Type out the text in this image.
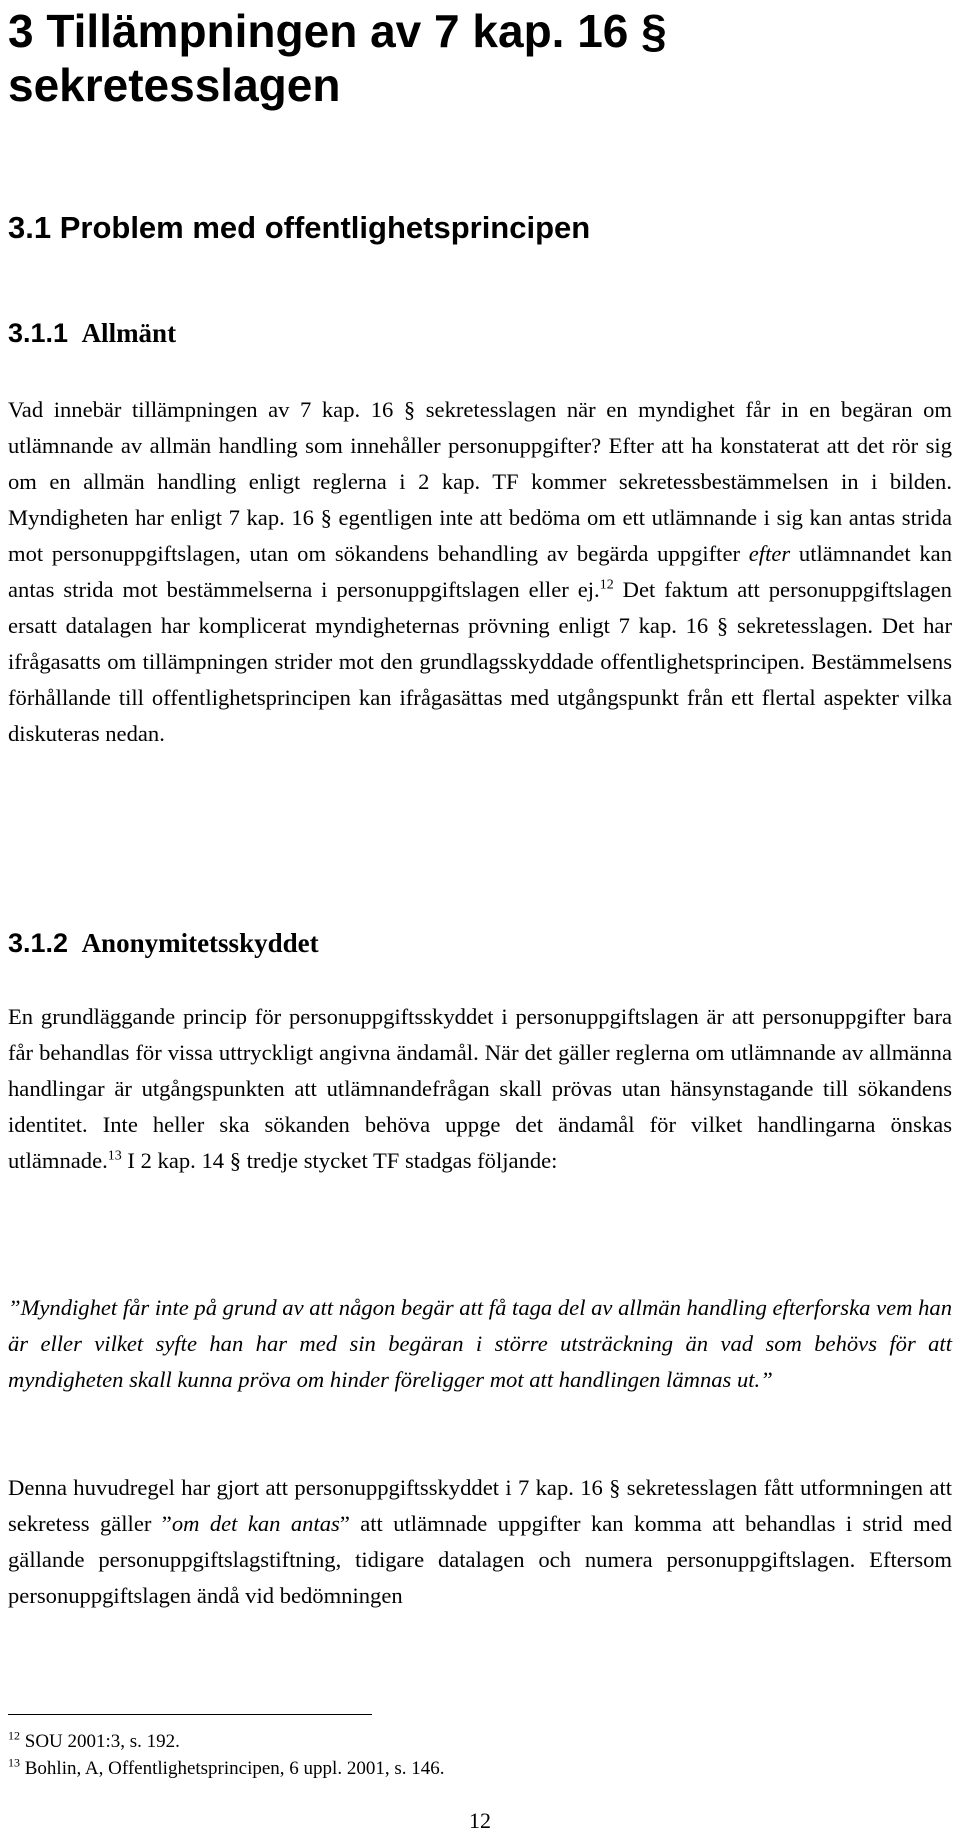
3 Tillämpningen av 7 kap. 16 § sekretesslagen
3.1 Problem med offentlighetsprincipen
3.1.1 Allmänt

Vad innebär tillämpningen av 7 kap. 16 § sekretesslagen när en myndighet får in en begäran om utlämnande av allmän handling som innehåller personuppgifter? Efter att ha konstaterat att det rör sig om en allmän handling enligt reglerna i 2 kap. TF kommer sekretessbestämmelsen in i bilden. Myndigheten har enligt 7 kap. 16 § egentligen inte att bedöma om ett utlämnande i sig kan antas strida mot personuppgiftslagen, utan om sökandens behandling av begärda uppgifter efter utlämnandet kan antas strida mot bestämmelserna i personuppgiftslagen eller ej.$^{12}$ Det faktum att personuppgiftslagen ersatt datalagen har komplicerat myndigheternas prövning enligt 7 kap. 16 § sekretesslagen. Det har ifrågasatts om tillämpningen strider mot den grundlagsskyddade offentlighetsprincipen. Bestämmelsens förhållande till offentlighetsprincipen kan ifrågasättas med utgångspunkt från ett flertal aspekter vilka diskuteras nedan.

3.1.2 Anonymitetsskyddet

En grundläggande princip för personuppgiftsskyddet i personuppgiftslagen är att personuppgifter bara får behandlas för vissa uttryckligt angivna ändamål. När det gäller reglerna om utlämnande av allmänna handlingar är utgångspunkten att utlämnandefrågan skall prövas utan hänsynstagande till sökandens identitet. Inte heller ska sökanden behöva uppge det ändamål för vilket handlingarna önskas utlämnade.$^{13}$ I 2 kap. 14 § tredje stycket TF stadgas följande:

”Myndighet får inte på grund av att någon begär att få taga del av allmän handling efterforska vem han är eller vilket syfte han har med sin begäran i större utsträckning än vad som behövs för att myndigheten skall kunna pröva om hinder föreligger mot att handlingen lämnas ut.”

Denna huvudregel har gjort att personuppgiftsskyddet i 7 kap. 16 § sekretesslagen fått utformningen att sekretess gäller ”om det kan antas” att utlämnade uppgifter kan komma att behandlas i strid med gällande personuppgiftslagstiftning, tidigare datalagen och numera personuppgiftslagen. Eftersom personuppgiftslagen ändå vid bedömningen

$^{12}$ SOU 2001:3, s. 192.
$^{13}$ Bohlin, A, Offentlighetsprincipen, 6 uppl. 2001, s. 146.
12
